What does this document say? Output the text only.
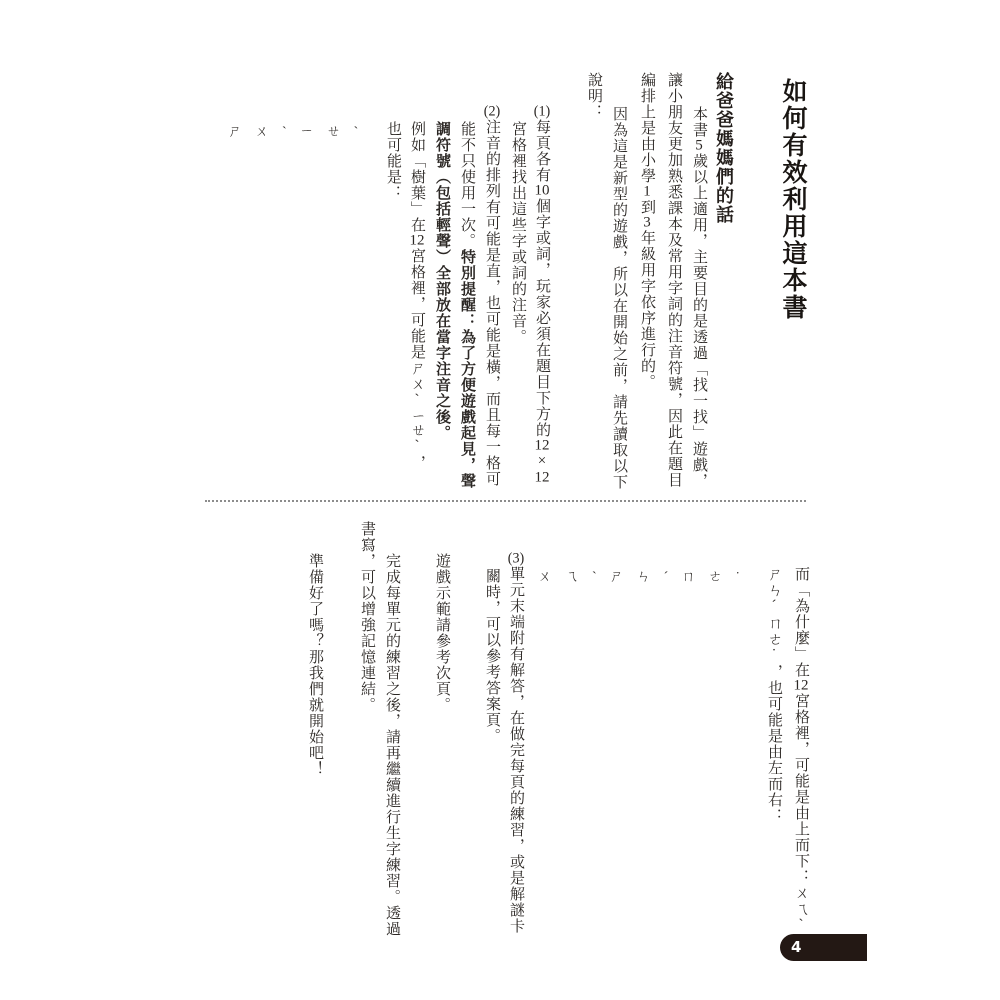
如何有效利用這本書
給爸爸媽媽們的話
本書5歲以上適用，主要目的是透過「找一找」遊戲，
讓小朋友更加熟悉課本及常用字詞的注音符號，因此在題目
編排上是由小學1到3年級用字依序進行的。
因為這是新型的遊戲，所以在開始之前，請先讀取以下
說明：
(1)每頁各有10個字或詞，玩家必須在題目下方的12×12
宮格裡找出這些字或詞的注音。
(2)注音的排列有可能是直，也可能是橫，而且每一格可
能不只使用一次。特別提醒：為了方便遊戲起見，聲
調符號（包括輕聲）全部放在當字注音之後。
例如「樹葉」在12宮格裡，可能是ㄕㄨˋㄧㄝˋ，
也可能是：
ㄕㄨˋㄧㄝˋ
而「為什麼」在12宮格裡，可能是由上而下：ㄨㄟˋ
ㄕㄣˊㄇㄜ˙，也可能是由左而右：
ㄨㄟˋㄕㄣˊㄇㄜ˙
(3)單元末端附有解答，在做完每頁的練習，或是解謎卡
關時，可以參考答案頁。
遊戲示範請參考次頁。
完成每單元的練習之後，請再繼續進行生字練習。透過
書寫，可以增強記憶連結。
準備好了嗎？那我們就開始吧！
4
